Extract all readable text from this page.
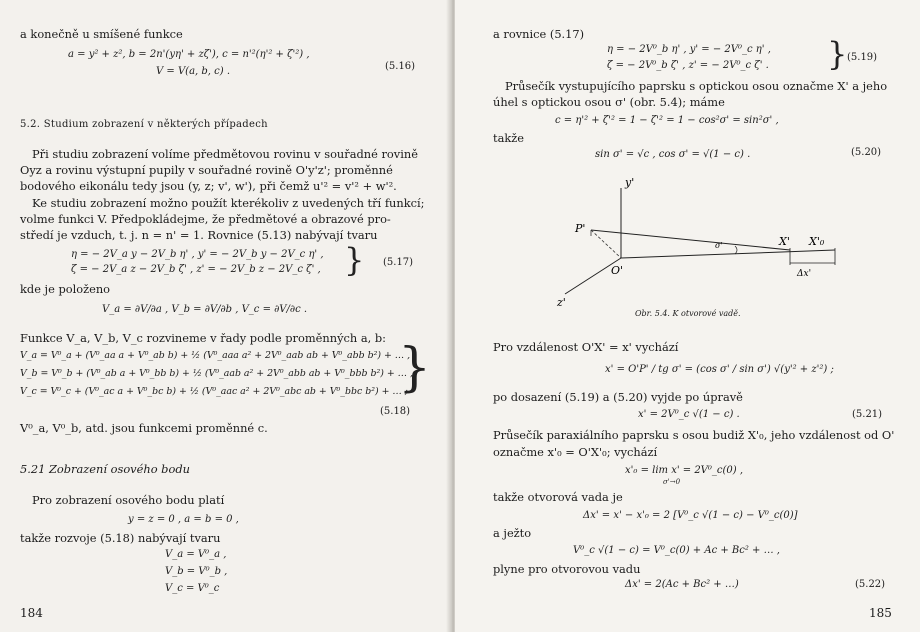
a konečně u smíšené funkce
a = y² + z², b = 2n'(yη' + zζ'), c = n'²(η'² + ζ'²) ,
V = V(a, b, c) .	(5.16)
5.2. Studium zobrazení v některých případech
Při studiu zobrazení volíme předmětovou rovinu v souřadné rovině
Oyz a rovinu výstupní pupily v souřadné rovině O'y'z'; proměnné
bodového eikonálu tedy jsou (y, z; v', w'), při čemž u'² = v'² + w'².
Ke studiu zobrazení možno použít kterékoliv z uvedených tří funkcí;
volme funkci V. Předpokládejme, že předmětové a obrazové pro-
středí je vzduch, t. j. n = n' = 1. Rovnice (5.13) nabývají tvaru
η = − 2V_a y − 2V_b η' , y' = − 2V_b y − 2V_c η' ,
ζ = − 2V_a z − 2V_b ζ' , z' = − 2V_b z − 2V_c ζ' , } (5.17)
kde je položeno
V_a = ∂V/∂a , V_b = ∂V/∂b , V_c = ∂V/∂c .
Funkce V_a, V_b, V_c rozvineme v řady podle proměnných a, b:
V_a = V⁰_a + (V⁰_aa a + V⁰_ab b) + ½ (V⁰_aaa a² + 2V⁰_aab ab + V⁰_abb b²) + … ,
V_b = V⁰_b + (V⁰_ab a + V⁰_bb b) + ½ (V⁰_aab a² + 2V⁰_abb ab + V⁰_bbb b²) + … ,
V_c = V⁰_c + (V⁰_ac a + V⁰_bc b) + ½ (V⁰_aac a² + 2V⁰_abc ab + V⁰_bbc b²) + … ;
}
(5.18)
V⁰_a, V⁰_b, atd. jsou funkcemi proměnné c.
5.21 Zobrazení osového bodu
Pro zobrazení osového bodu platí
y = z = 0 , a = b = 0 ,
takže rozvoje (5.18) nabývají tvaru
V_a = V⁰_a ,
V_b = V⁰_b ,
V_c = V⁰_c
184
a rovnice (5.17)
η = − 2V⁰_b η' , y' = − 2V⁰_c η' ,
ζ = − 2V⁰_b ζ' , z' = − 2V⁰_c ζ' . } (5.19)
Průsečík vystupujícího paprsku s optickou osou označme X' a jeho
úhel s optickou osou σ' (obr. 5.4); máme
c = η'² + ζ'² = 1 − ζ'² = 1 − cos²σ' = sin²σ' ,
takže
sin σ' = √c , cos σ' = √(1 − c) .	(5.20)
y'
P'
O'
σ'	X' X'₀
z'
Δx'
Obr. 5.4. K otvorové vadě.
Pro vzdálenost O'X' = x' vychází
x' = O'P' / tg σ' = (cos σ' / sin σ') √(y'² + z'²) ;
po dosazení (5.19) a (5.20) vyjde po úpravě
x' = 2V⁰_c √(1 − c) .	(5.21)
Průsečík paraxiálního paprsku s osou budiž X'₀, jeho vzdálenost od O'
označme x'₀ = O'X'₀; vychází
x'₀ = lim x' = 2V⁰_c(0) ,
σ'→0
takže otvorová vada je
Δx' = x' − x'₀ = 2 [V⁰_c √(1 − c) − V⁰_c(0)]
a ježto
V⁰_c √(1 − c) = V⁰_c(0) + Ac + Bc² + … ,
plyne pro otvorovou vadu
Δx' = 2(Ac + Bc² + …)	(5.22)
185
